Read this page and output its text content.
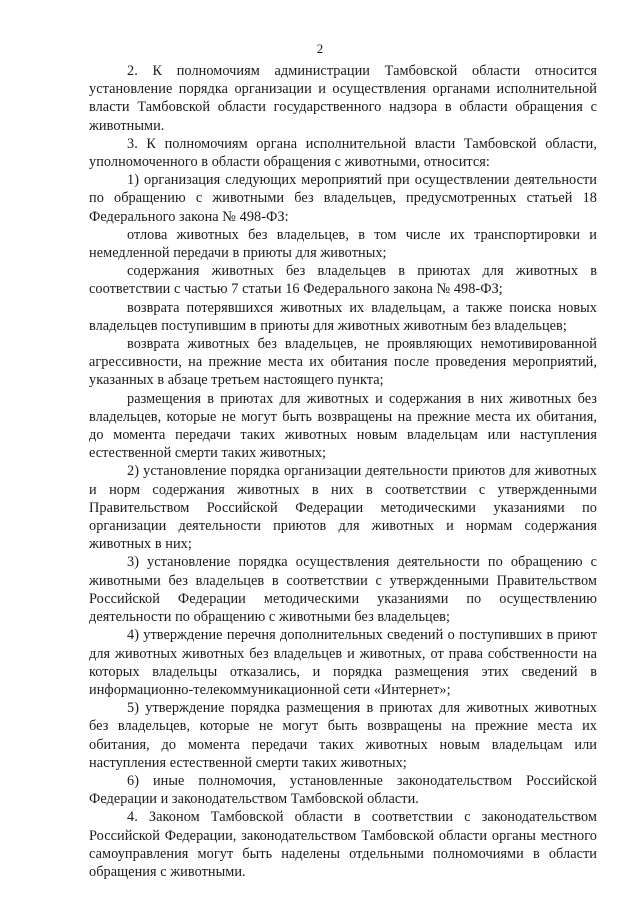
2

2. К полномочиям администрации Тамбовской области относится установление порядка организации и осуществления органами исполнительной власти Тамбовской области государственного надзора в области обращения с животными.

3. К полномочиям органа исполнительной власти Тамбовской области, уполномоченного в области обращения с животными, относится:

1) организация следующих мероприятий при осуществлении деятельности по обращению с животными без владельцев, предусмотренных статьей 18 Федерального закона № 498-ФЗ:

отлова животных без владельцев, в том числе их транспортировки и немедленной передачи в приюты для животных;

содержания животных без владельцев в приютах для животных в соответствии с частью 7 статьи 16 Федерального закона № 498-ФЗ;

возврата потерявшихся животных их владельцам, а также поиска новых владельцев поступившим в приюты для животных животным без владельцев;

возврата животных без владельцев, не проявляющих немотивированной агрессивности, на прежние места их обитания после проведения мероприятий, указанных в абзаце третьем настоящего пункта;

размещения в приютах для животных и содержания в них животных без владельцев, которые не могут быть возвращены на прежние места их обитания, до момента передачи таких животных новым владельцам или наступления естественной смерти таких животных;

2) установление порядка организации деятельности приютов для животных и норм содержания животных в них в соответствии с утвержденными Правительством Российской Федерации методическими указаниями по организации деятельности приютов для животных и нормам содержания животных в них;

3) установление порядка осуществления деятельности по обращению с животными без владельцев в соответствии с утвержденными Правительством Российской Федерации методическими указаниями по осуществлению деятельности по обращению с животными без владельцев;

4) утверждение перечня дополнительных сведений о поступивших в приют для животных животных без владельцев и животных, от права собственности на которых владельцы отказались, и порядка размещения этих сведений в информационно-телекоммуникационной сети «Интернет»;

5) утверждение порядка размещения в приютах для животных животных без владельцев, которые не могут быть возвращены на прежние места их обитания, до момента передачи таких животных новым владельцам или наступления естественной смерти таких животных;

6) иные полномочия, установленные законодательством Российской Федерации и законодательством Тамбовской области.

4. Законом Тамбовской области в соответствии с законодательством Российской Федерации, законодательством Тамбовской области органы местного самоуправления могут быть наделены отдельными полномочиями в области обращения с животными.
